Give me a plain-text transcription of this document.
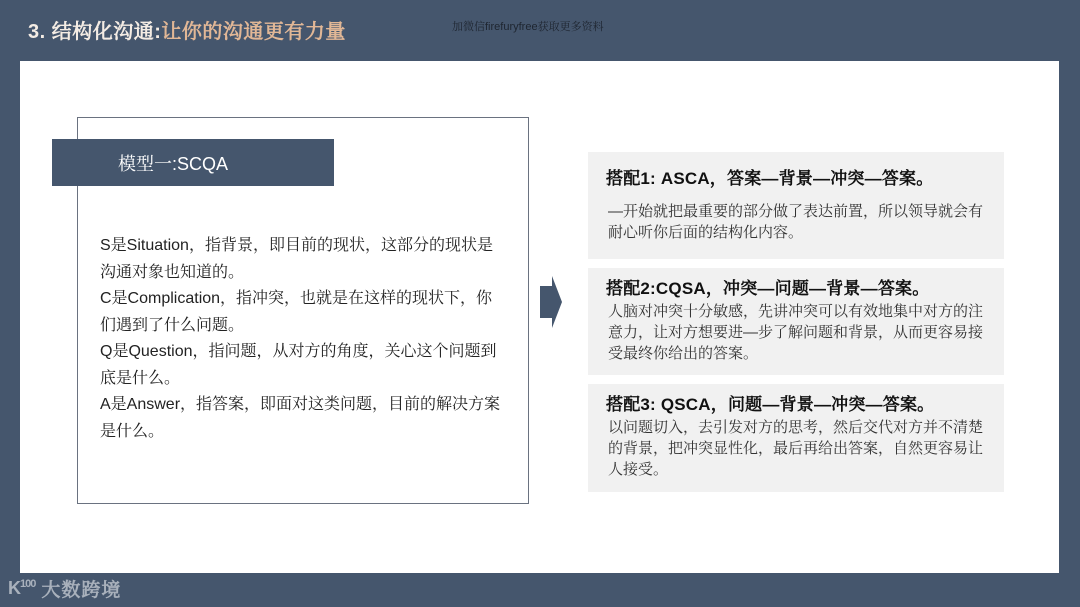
3. 结构化沟通:让你的沟通更有力量	加微信firefuryfree获取更多资料
模型一:SCQA

S是Situation，指背景，即目前的现状，这部分的现状是沟通对象也知道的。

C是Complication，指冲突，也就是在这样的现状下，你们遇到了什么问题。

Q是Question，指问题，从对方的角度，关心这个问题到底是什么。

A是Answer，指答案，即面对这类问题，目前的解决方案是什么。

搭配1: ASCA，答案—背景—冲突—答案。
—开始就把最重要的部分做了表达前置，所以领导就会有耐心听你后面的结构化内容。
搭配2:CQSA，冲突—问题—背景—答案。
人脑对冲突十分敏感，先讲冲突可以有效地集中对方的注意力，让对方想要进—步了解问题和背景，从而更容易接受最终你给出的答案。
搭配3: QSCA，问题—背景—冲突—答案。
以问题切入，去引发对方的思考，然后交代对方并不清楚的背景，把冲突显性化，最后再给出答案，自然更容易让人接受。
$K^{100}$ 大数跨境
